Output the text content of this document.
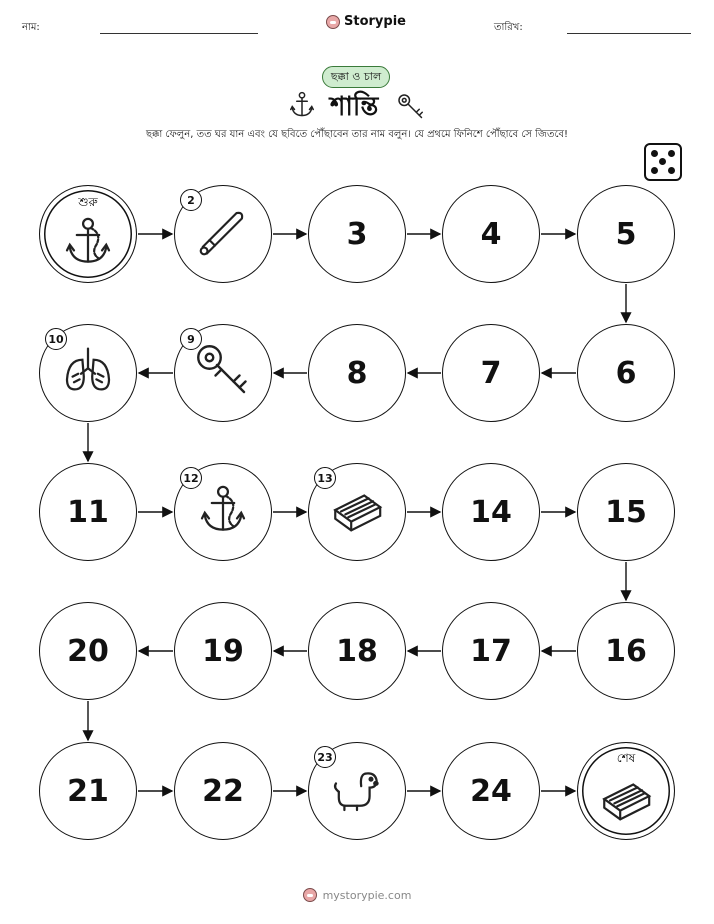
নাম:	Storypie	তারিখ:
ছক্কা ও চাল
শান্তি
ছক্কা ফেলুন, তত ঘর যান এবং যে ছবিতে পৌঁছাবেন তার নাম বলুন। যে প্রথমে ফিনিশে পৌঁছাবে সে জিতবে!
শুরু	2
3	4	5
6
7
8
9
10
11
12	13
14	15
16
17
18
19
20
21	22
23
24
শেষ
mystorypie.com
